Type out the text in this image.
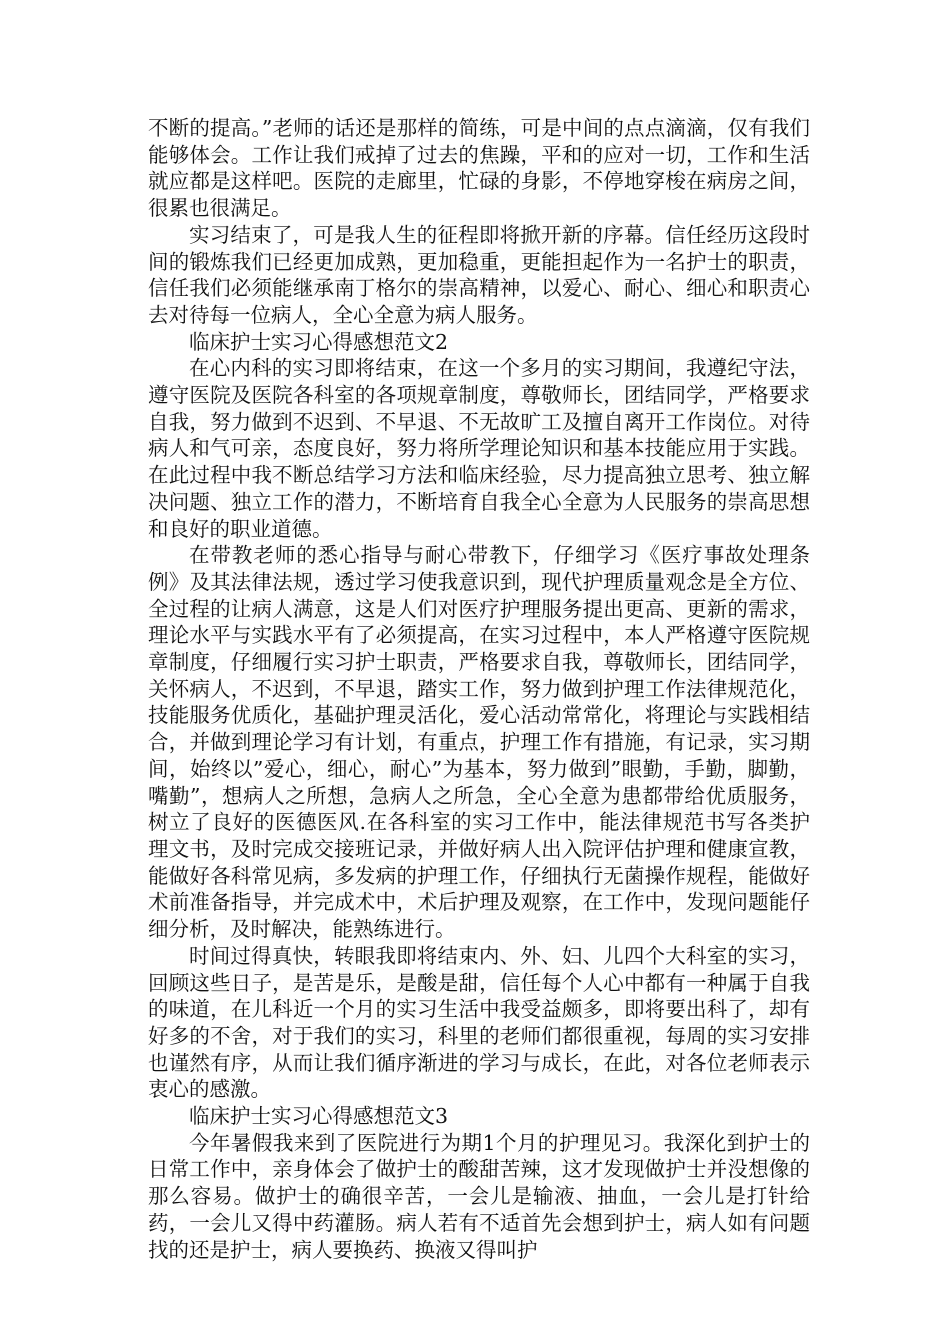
不断的提高。”老师的话还是那样的简练，可是中间的点点滴滴，仅有我们能够体会。工作让我们戒掉了过去的焦躁，平和的应对一切，工作和生活就应都是这样吧。医院的走廊里，忙碌的身影，不停地穿梭在病房之间，很累也很满足。

实习结束了，可是我人生的征程即将掀开新的序幕。信任经历这段时间的锻炼我们已经更加成熟，更加稳重，更能担起作为一名护士的职责，信任我们必须能继承南丁格尔的崇高精神，以爱心、耐心、细心和职责心去对待每一位病人，全心全意为病人服务。

临床护士实习心得感想范文2

在心内科的实习即将结束，在这一个多月的实习期间，我遵纪守法，遵守医院及医院各科室的各项规章制度，尊敬师长，团结同学，严格要求自我，努力做到不迟到、不早退、不无故旷工及擅自离开工作岗位。对待病人和气可亲，态度良好，努力将所学理论知识和基本技能应用于实践。在此过程中我不断总结学习方法和临床经验，尽力提高独立思考、独立解决问题、独立工作的潜力，不断培育自我全心全意为人民服务的崇高思想和良好的职业道德。

在带教老师的悉心指导与耐心带教下，仔细学习《医疗事故处理条例》及其法律法规，透过学习使我意识到，现代护理质量观念是全方位、全过程的让病人满意，这是人们对医疗护理服务提出更高、更新的需求，理论水平与实践水平有了必须提高，在实习过程中，本人严格遵守医院规章制度，仔细履行实习护士职责，严格要求自我，尊敬师长，团结同学，关怀病人，不迟到，不早退，踏实工作，努力做到护理工作法律规范化，技能服务优质化，基础护理灵活化，爱心活动常常化，将理论与实践相结合，并做到理论学习有计划，有重点，护理工作有措施，有记录，实习期间，始终以”爱心，细心，耐心”为基本，努力做到”眼勤，手勤，脚勤，嘴勤”，想病人之所想，急病人之所急，全心全意为患都带给优质服务，树立了良好的医德医风.在各科室的实习工作中，能法律规范书写各类护理文书，及时完成交接班记录，并做好病人出入院评估护理和健康宣教，能做好各科常见病，多发病的护理工作，仔细执行无菌操作规程，能做好术前准备指导，并完成术中，术后护理及观察，在工作中，发现问题能仔细分析，及时解决，能熟练进行。

时间过得真快，转眼我即将结束内、外、妇、儿四个大科室的实习，回顾这些日子，是苦是乐，是酸是甜，信任每个人心中都有一种属于自我的味道，在儿科近一个月的实习生活中我受益颇多，即将要出科了，却有好多的不舍，对于我们的实习，科里的老师们都很重视，每周的实习安排也谨然有序，从而让我们循序渐进的学习与成长，在此，对各位老师表示衷心的感激。

临床护士实习心得感想范文3

今年暑假我来到了医院进行为期1个月的护理见习。我深化到护士的日常工作中，亲身体会了做护士的酸甜苦辣，这才发现做护士并没想像的那么容易。做护士的确很辛苦，一会儿是输液、抽血，一会儿是打针给药，一会儿又得中药灌肠。病人若有不适首先会想到护士，病人如有问题找的还是护士，病人要换药、换液又得叫护
